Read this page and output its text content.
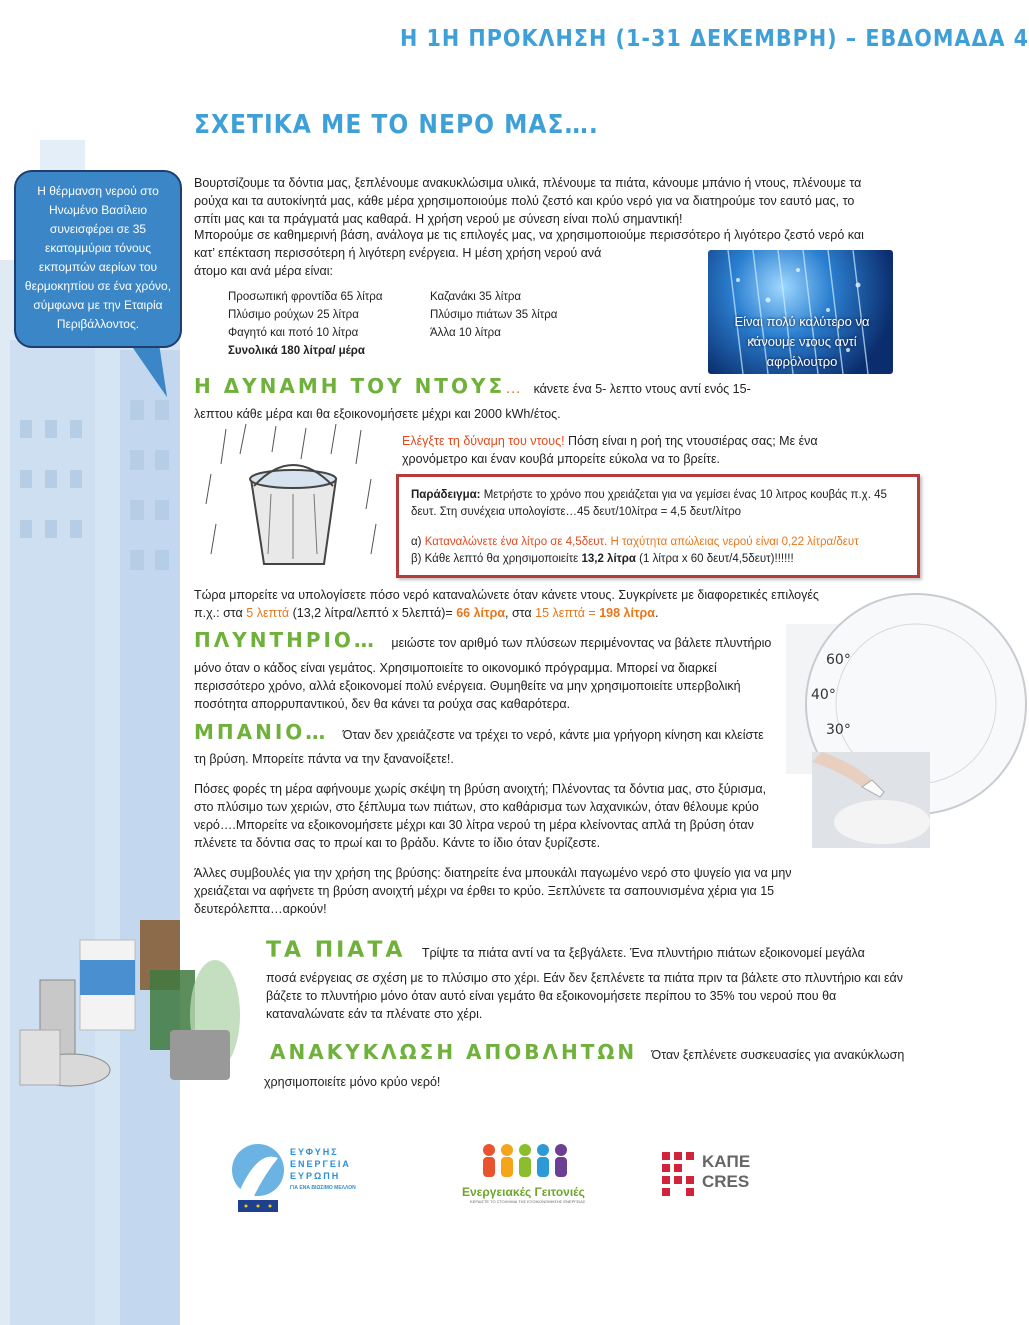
Η 1Η ΠΡΟΚΛΗΣΗ (1-31 ΔΕΚΕΜΒΡΗ) – ΕΒΔΟΜΑΔΑ 4
ΣΧΕΤΙΚΑ ΜΕ ΤΟ ΝΕΡΟ ΜΑΣ….
Η θέρμανση νερού στο Ηνωμένο Βασίλειο συνεισφέρει σε 35 εκατομμύρια τόνους εκπομπών αερίων του θερμοκηπίου σε ένα χρόνο, σύμφωνα με την Εταιρία Περιβάλλοντος.

Βουρτσίζουμε τα δόντια μας, ξεπλένουμε ανακυκλώσιμα υλικά, πλένουμε τα πιάτα, κάνουμε μπάνιο ή ντους, πλένουμε τα ρούχα και τα αυτοκίνητά μας, κάθε μέρα χρησιμοποιούμε πολύ ζεστό και κρύο νερό για να διατηρούμε τον εαυτό μας, το σπίτι μας και τα πράγματά μας καθαρά. Η χρήση νερού με σύνεση είναι πολύ σημαντική!

Μπορούμε σε καθημερινή βάση, ανάλογα με τις επιλογές μας, να χρησιμοποιούμε περισσότερο ή λιγότερο ζεστό νερό και κατ’ επέκταση περισσότερη ή λιγότερη ενέργεια. Η μέση χρήση νερού ανά
άτομο και ανά μέρα είναι:

Προσωπική φροντίδα 65 λίτρα
Πλύσιμο ρούχων 25 λίτρα
Φαγητό και ποτό 10 λίτρα
Συνολικά 180 λίτρα/ μέρα
Καζανάκι 35 λίτρα
Πλύσιμο πιάτων 35 λίτρα
Άλλα 10 λίτρα
Είναι πολύ καλύτερο να κάνουμε ντους αντί αφρόλουτρο
Η ΔΥΝΑΜΗ ΤΟΥ ΝΤΟΥΣ… κάνετε ένα 5- λεπτο ντους αντί ενός 15-

λεπτου κάθε μέρα και θα εξοικονομήσετε μέχρι και 2000 kWh/έτος.

Ελέγξτε τη δύναμη του ντους! Πόση είναι η ροή της ντουσιέρας σας; Με ένα χρονόμετρο και έναν κουβά μπορείτε εύκολα να το βρείτε.

Παράδειγμα: Μετρήστε το χρόνο που χρειάζεται για να γεμίσει ένας 10 λιτρος κουβάς π.χ. 45 δευτ. Στη συνέχεια υπολογίστε…45 δευτ/10λίτρα = 4,5 δευτ/λίτρο
α) Καταναλώνετε ένα λίτρο σε 4,5δευτ. Η ταχύτητα απώλειας νερού είναι 0,22 λίτρα/δευτ
β) Κάθε λεπτό θα χρησιμοποιείτε 13,2 λίτρα (1 λίτρα x 60 δευτ/4,5δευτ)!!!!!!

Τώρα μπορείτε να υπολογίσετε πόσο νερό καταναλώνετε όταν κάνετε ντους. Συγκρίνετε με διαφορετικές επιλογές
π.χ.: στα 5 λεπτά (13,2 λίτρα/λεπτό x 5λεπτά)= 66 λίτρα, στα 15 λεπτά = 198 λίτρα.

60°
40°
30°
ΠΛΥΝΤΗΡΙΟ… μειώστε τον αριθμό των πλύσεων περιμένοντας να βάλετε πλυντήριο

μόνο όταν ο κάδος είναι γεμάτος. Χρησιμοποιείτε το οικονομικό πρόγραμμα. Μπορεί να διαρκεί περισσότερο χρόνο, αλλά εξοικονομεί πολύ ενέργεια. Θυμηθείτε να μην χρησιμοποιείτε υπερβολική ποσότητα απορρυπαντικού, δεν θα κάνει τα ρούχα σας καθαρότερα.

ΜΠΑΝΙΟ… Όταν δεν χρειάζεστε να τρέχει το νερό, κάντε μια γρήγορη κίνηση και κλείστε

τη βρύση. Μπορείτε πάντα να την ξανανοίξετε!.

Πόσες φορές τη μέρα αφήνουμε χωρίς σκέψη τη βρύση ανοιχτή; Πλένοντας τα δόντια μας, στο ξύρισμα, στο πλύσιμο των χεριών, στο ξέπλυμα των πιάτων, στο καθάρισμα των λαχανικών, όταν θέλουμε κρύο νερό….Μπορείτε να εξοικονομήσετε μέχρι και 30 λίτρα νερού τη μέρα κλείνοντας απλά τη βρύση όταν πλένετε τα δόντια σας το πρωί και το βράδυ. Κάντε το ίδιο όταν ξυρίζεστε.

Άλλες συμβουλές για την χρήση της βρύσης: διατηρείτε ένα μπουκάλι παγωμένο νερό στο ψυγείο για να μην χρειάζεται να αφήνετε τη βρύση ανοιχτή μέχρι να έρθει το κρύο. Ξεπλύνετε τα σαπουνισμένα χέρια για 15 δευτερόλεπτα…αρκούν!

ΤΑ ΠΙΑΤΑ Τρίψτε τα πιάτα αντί να τα ξεβγάλετε. Ένα πλυντήριο πιάτων εξοικονομεί μεγάλα

ποσά ενέργειας σε σχέση με το πλύσιμο στο χέρι. Εάν δεν ξεπλένετε τα πιάτα πριν τα βάλετε στο πλυντήριο και εάν βάζετε το πλυντήριο μόνο όταν αυτό είναι γεμάτο θα εξοικονομήσετε περίπου το 35% του νερού που θα καταναλώνατε εάν τα πλένατε στο χέρι.

ΑΝΑΚΥΚΛΩΣΗ ΑΠΟΒΛΗΤΩΝ Όταν ξεπλένετε συσκευασίες για ανακύκλωση

χρησιμοποιείτε μόνο κρύο νερό!

ΕΥΦΥΗΣ
ΕΝΕΡΓΕΙΑ
ΕΥΡΩΠΗ
ΓΙΑ ΕΝΑ ΒΙΩΣΙΜΟ ΜΕΛΛΟΝ	Ενεργειακές Γειτονιές
ΚΕΡΔΙΣΤΕ ΤΟ ΣΤΟΙΧΗΜΑ ΤΗΣ ΕΞΟΙΚΟΝΟΜΗΣΗΣ ΕΝΕΡΓΕΙΑΣ
ΚΑΠΕ
CRES
